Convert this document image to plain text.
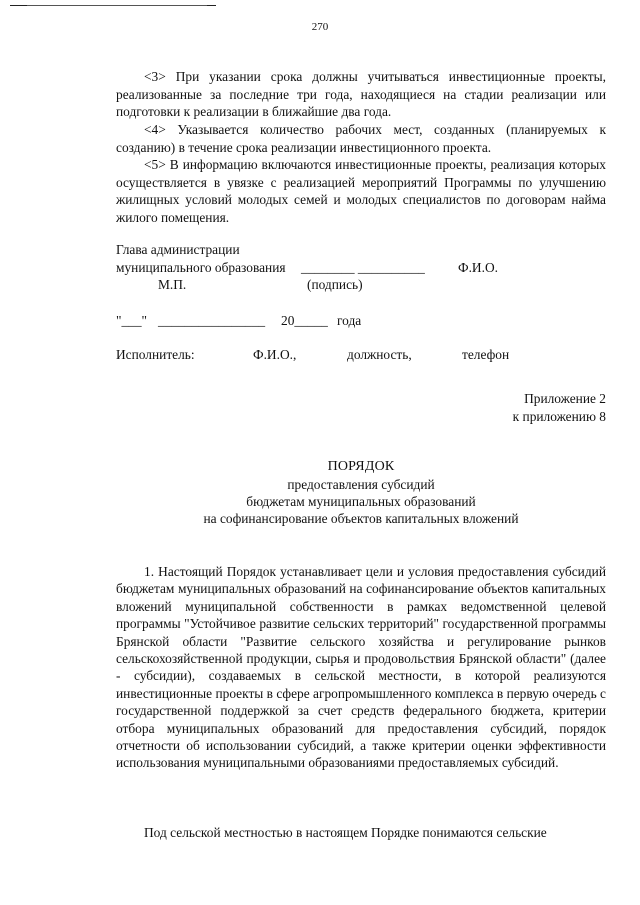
270
<3> При указании срока должны учитываться инвестиционные проекты, реализованные за последние три года, находящиеся на стадии реализации или подготовки к реализации в ближайшие два года.
<4> Указывается количество рабочих мест, созданных (планируемых к созданию) в течение срока реализации инвестиционного проекта.
<5> В информацию включаются инвестиционные проекты, реализация которых осуществляется в увязке с реализацией мероприятий Программы по улучшению жилищных условий молодых семей и молодых специалистов по договорам найма жилого помещения.
Глава администрации
муниципального образования ________ __________ Ф.И.О.
М.П.	(подпись)
"___" ________________ 20_____ года
Исполнитель:	Ф.И.О.,	должность,	телефон
Приложение 2
к приложению 8
ПОРЯДОК
предоставления субсидий
бюджетам муниципальных образований
на софинансирование объектов капитальных вложений
1. Настоящий Порядок устанавливает цели и условия предоставления субсидий бюджетам муниципальных образований на софинансирование объектов капитальных вложений муниципальной собственности в рамках ведомственной целевой программы "Устойчивое развитие сельских территорий" государственной программы Брянской области "Развитие сельского хозяйства и регулирование рынков сельскохозяйственной продукции, сырья и продовольствия Брянской области" (далее - субсидии), создаваемых в сельской местности, в которой реализуются инвестиционные проекты в сфере агропромышленного комплекса в первую очередь с государственной поддержкой за счет средств федерального бюджета, критерии отбора муниципальных образований для предоставления субсидий, порядок отчетности об использовании субсидий, а также критерии оценки эффективности использования муниципальными образованиями предоставляемых субсидий.
Под сельской местностью в настоящем Порядке понимаются сельские
